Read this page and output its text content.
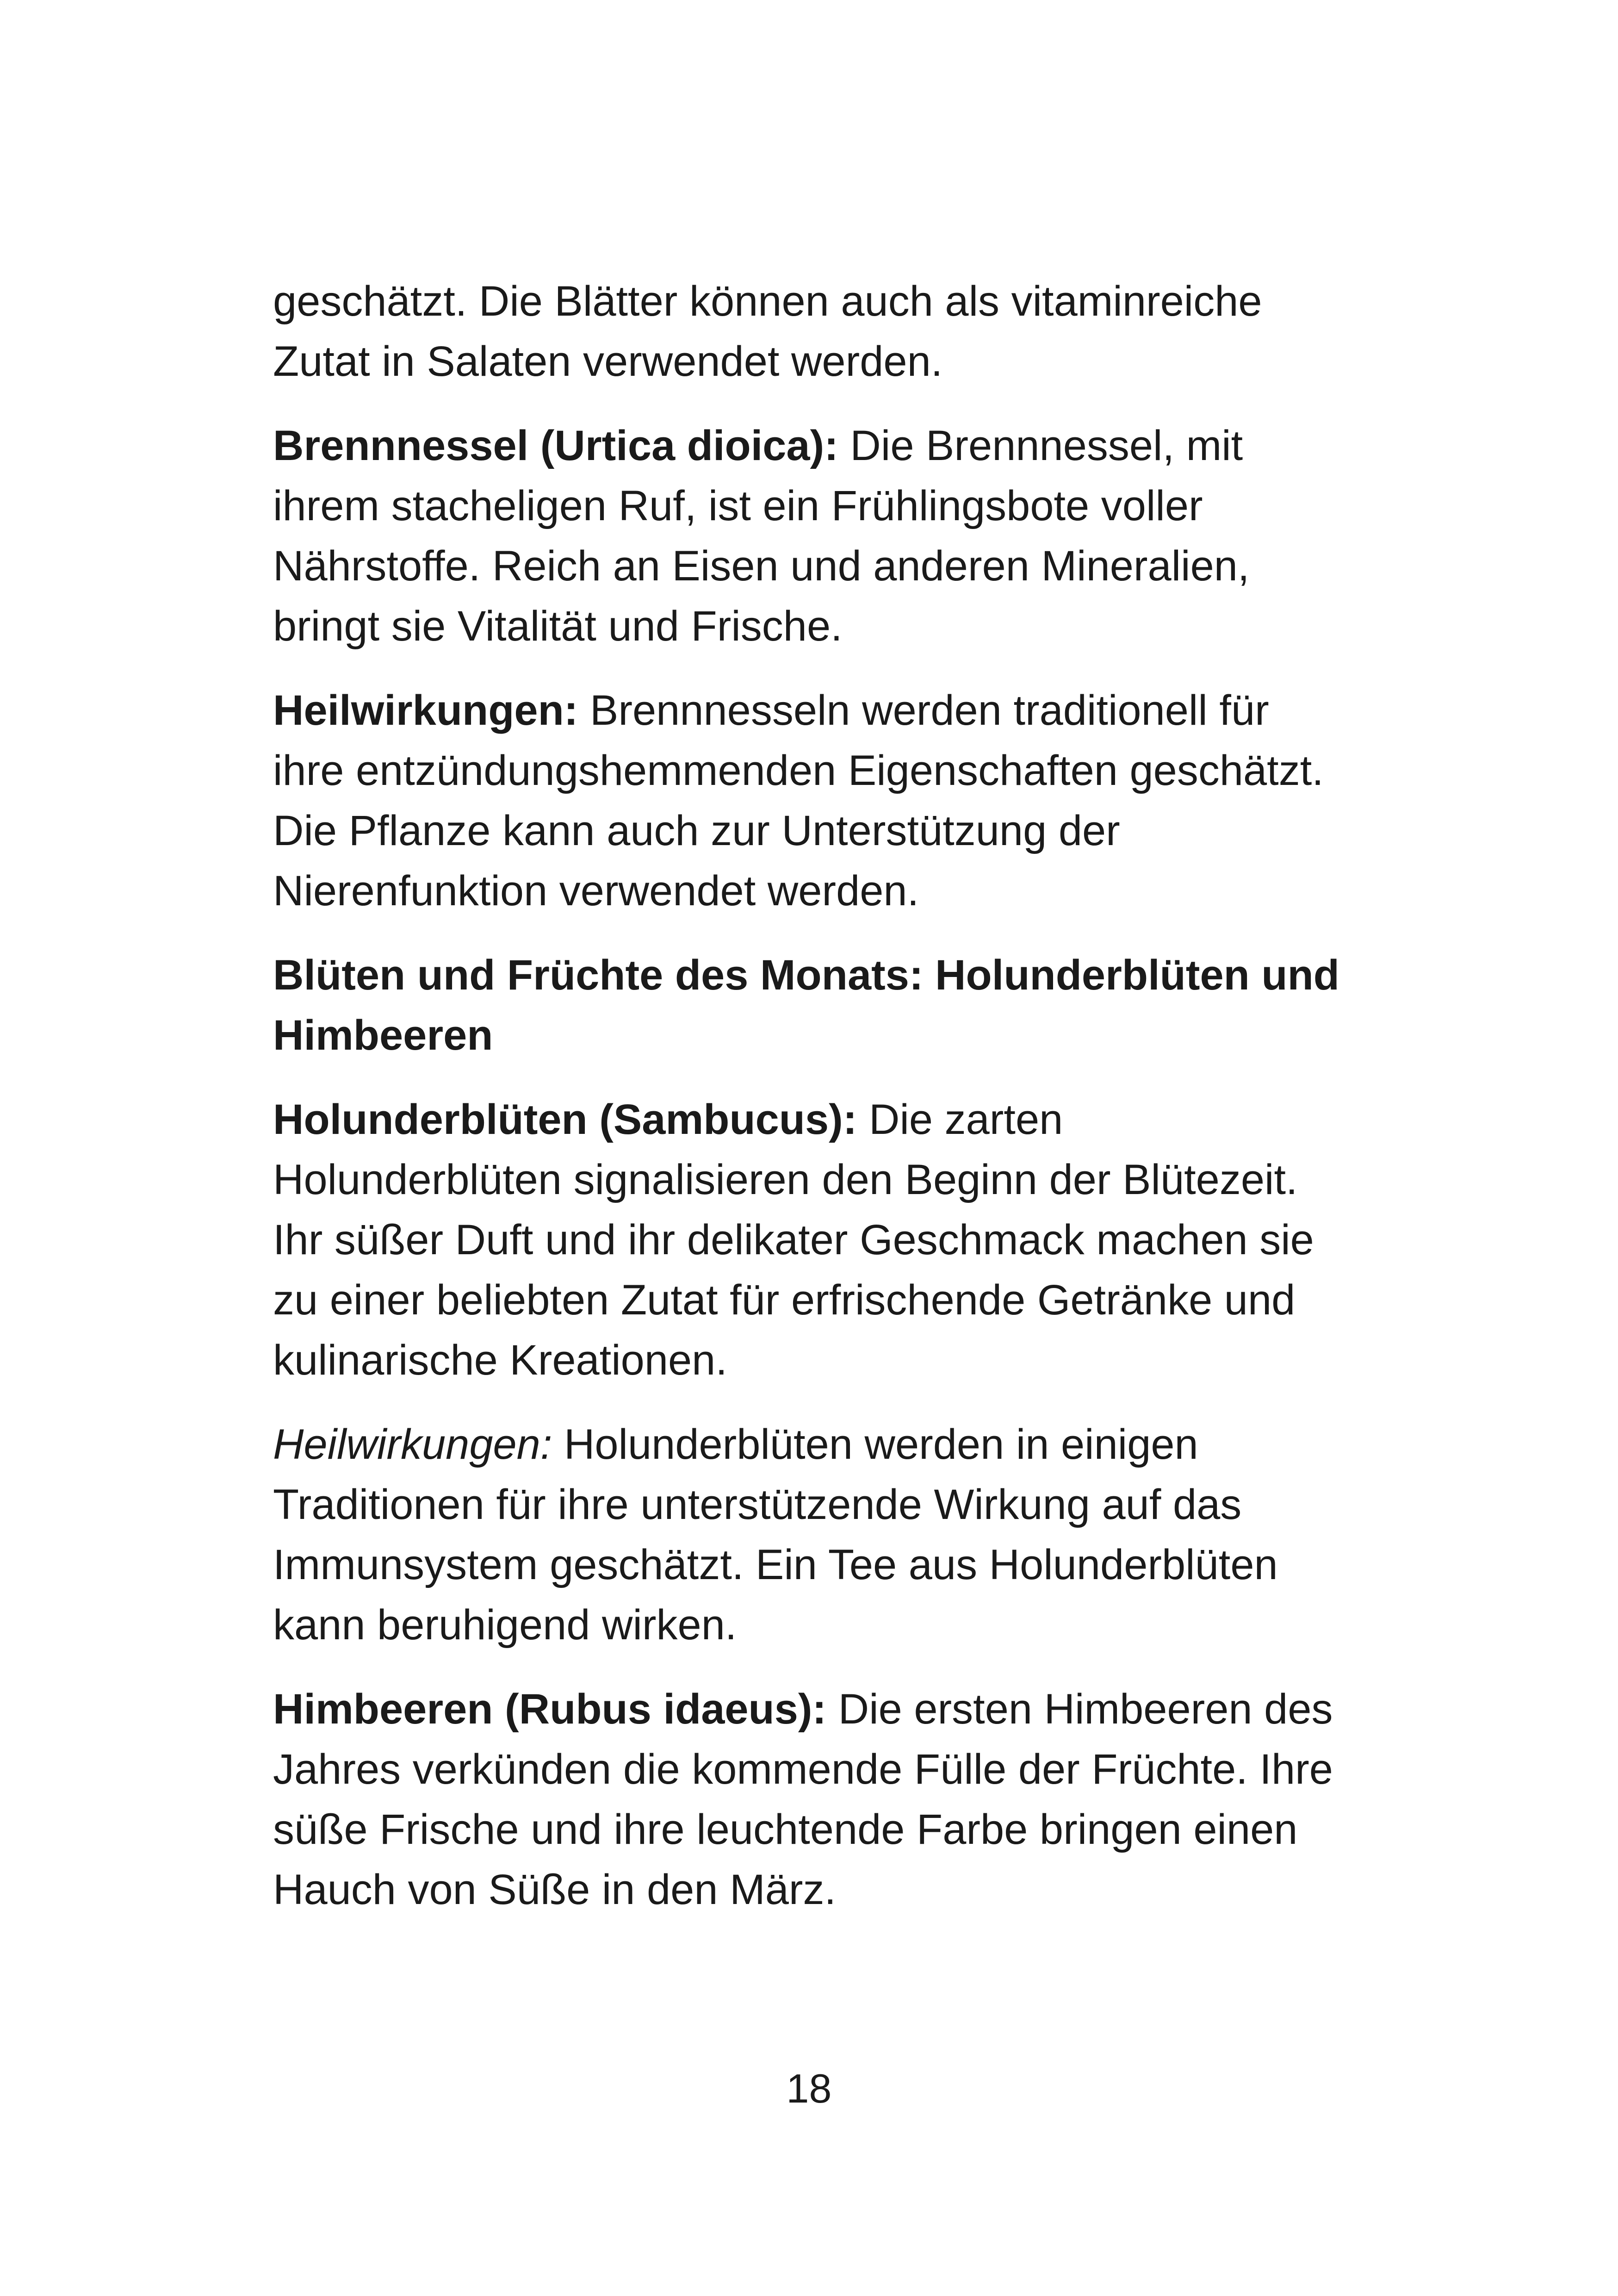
geschätzt. Die Blätter können auch als vitaminreiche Zutat in Salaten verwendet werden.

Brennnessel (Urtica dioica): Die Brennnessel, mit ihrem stacheligen Ruf, ist ein Frühlingsbote voller Nährstoffe. Reich an Eisen und anderen Mineralien, bringt sie Vitalität und Frische.

Heilwirkungen: Brennnesseln werden traditionell für ihre entzündungshemmenden Eigenschaften geschätzt. Die Pflanze kann auch zur Unterstützung der Nierenfunktion verwendet werden.

Blüten und Früchte des Monats: Holunderblüten und Himbeeren

Holunderblüten (Sambucus): Die zarten Holunderblüten signalisieren den Beginn der Blütezeit. Ihr süßer Duft und ihr delikater Geschmack machen sie zu einer beliebten Zutat für erfrischende Getränke und kulinarische Kreationen.

Heilwirkungen: Holunderblüten werden in einigen Traditionen für ihre unterstützende Wirkung auf das Immunsystem geschätzt. Ein Tee aus Holunderblüten kann beruhigend wirken.

Himbeeren (Rubus idaeus): Die ersten Himbeeren des Jahres verkünden die kommende Fülle der Früchte. Ihre süße Frische und ihre leuchtende Farbe bringen einen Hauch von Süße in den März.

18
